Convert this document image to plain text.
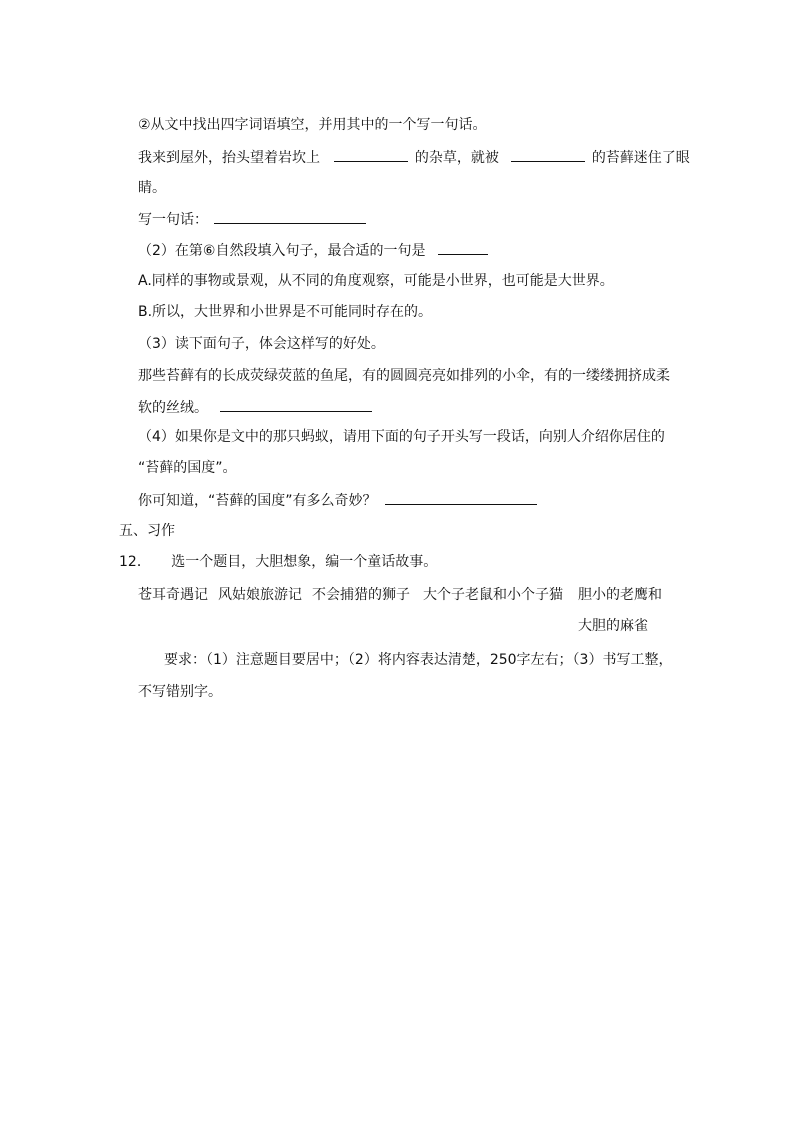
②从文中找出四字词语填空，并用其中的一个写一句话。
我来到屋外，抬头望着岩坎上	的杂草，就被	的苔藓迷住了眼
睛。
写一句话：
（2）在第⑥自然段填入句子，最合适的一句是
A.同样的事物或景观，从不同的角度观察，可能是小世界，也可能是大世界。
B.所以，大世界和小世界是不可能同时存在的。
（3）读下面句子，体会这样写的好处。
那些苔藓有的长成荧绿荧蓝的鱼尾，有的圆圆亮亮如排列的小伞，有的一缕缕拥挤成柔
软的丝绒。
（4）如果你是文中的那只蚂蚁，请用下面的句子开头写一段话，向别人介绍你居住的
“苔藓的国度”。
你可知道，“苔藓的国度”有多么奇妙？
五、习作
12． 选一个题目，大胆想象，编一个童话故事。
苍耳奇遇记 风姑娘旅游记 不会捕猎的狮子 大个子老鼠和小个子猫 胆小的老鹰和
大胆的麻雀
要求：（1）注意题目要居中；（2）将内容表达清楚，250字左右；（3）书写工整，
不写错别字。
